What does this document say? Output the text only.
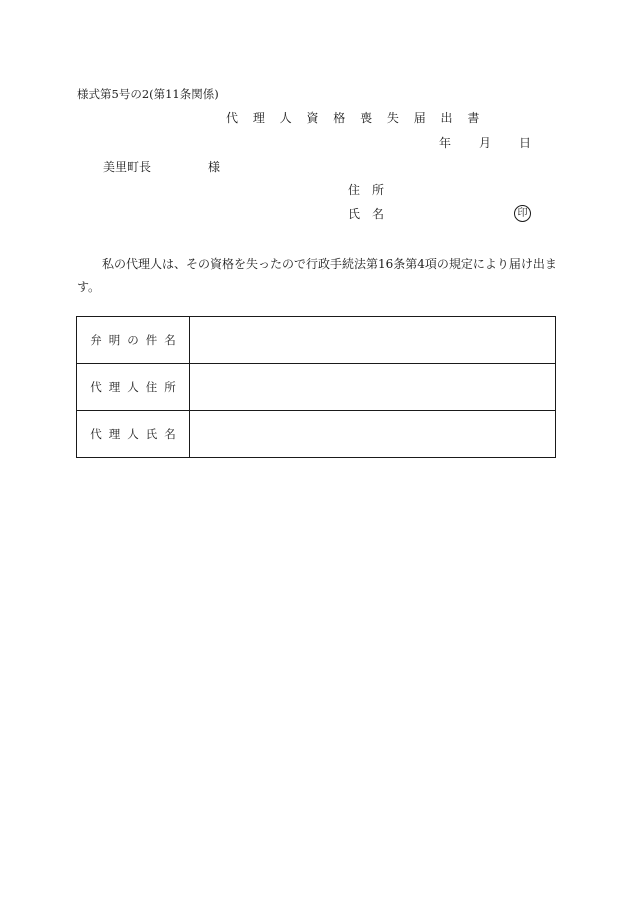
様式第5号の2(第11条関係)
代 理 人 資 格 喪 失 届 出 書
年 月 日
美里町長	様
住　所
氏　名	印
私の代理人は、その資格を失ったので行政手続法第16条第4項の規定により届け出ます。
弁明の件名	
代理人住所	
代理人氏名	
